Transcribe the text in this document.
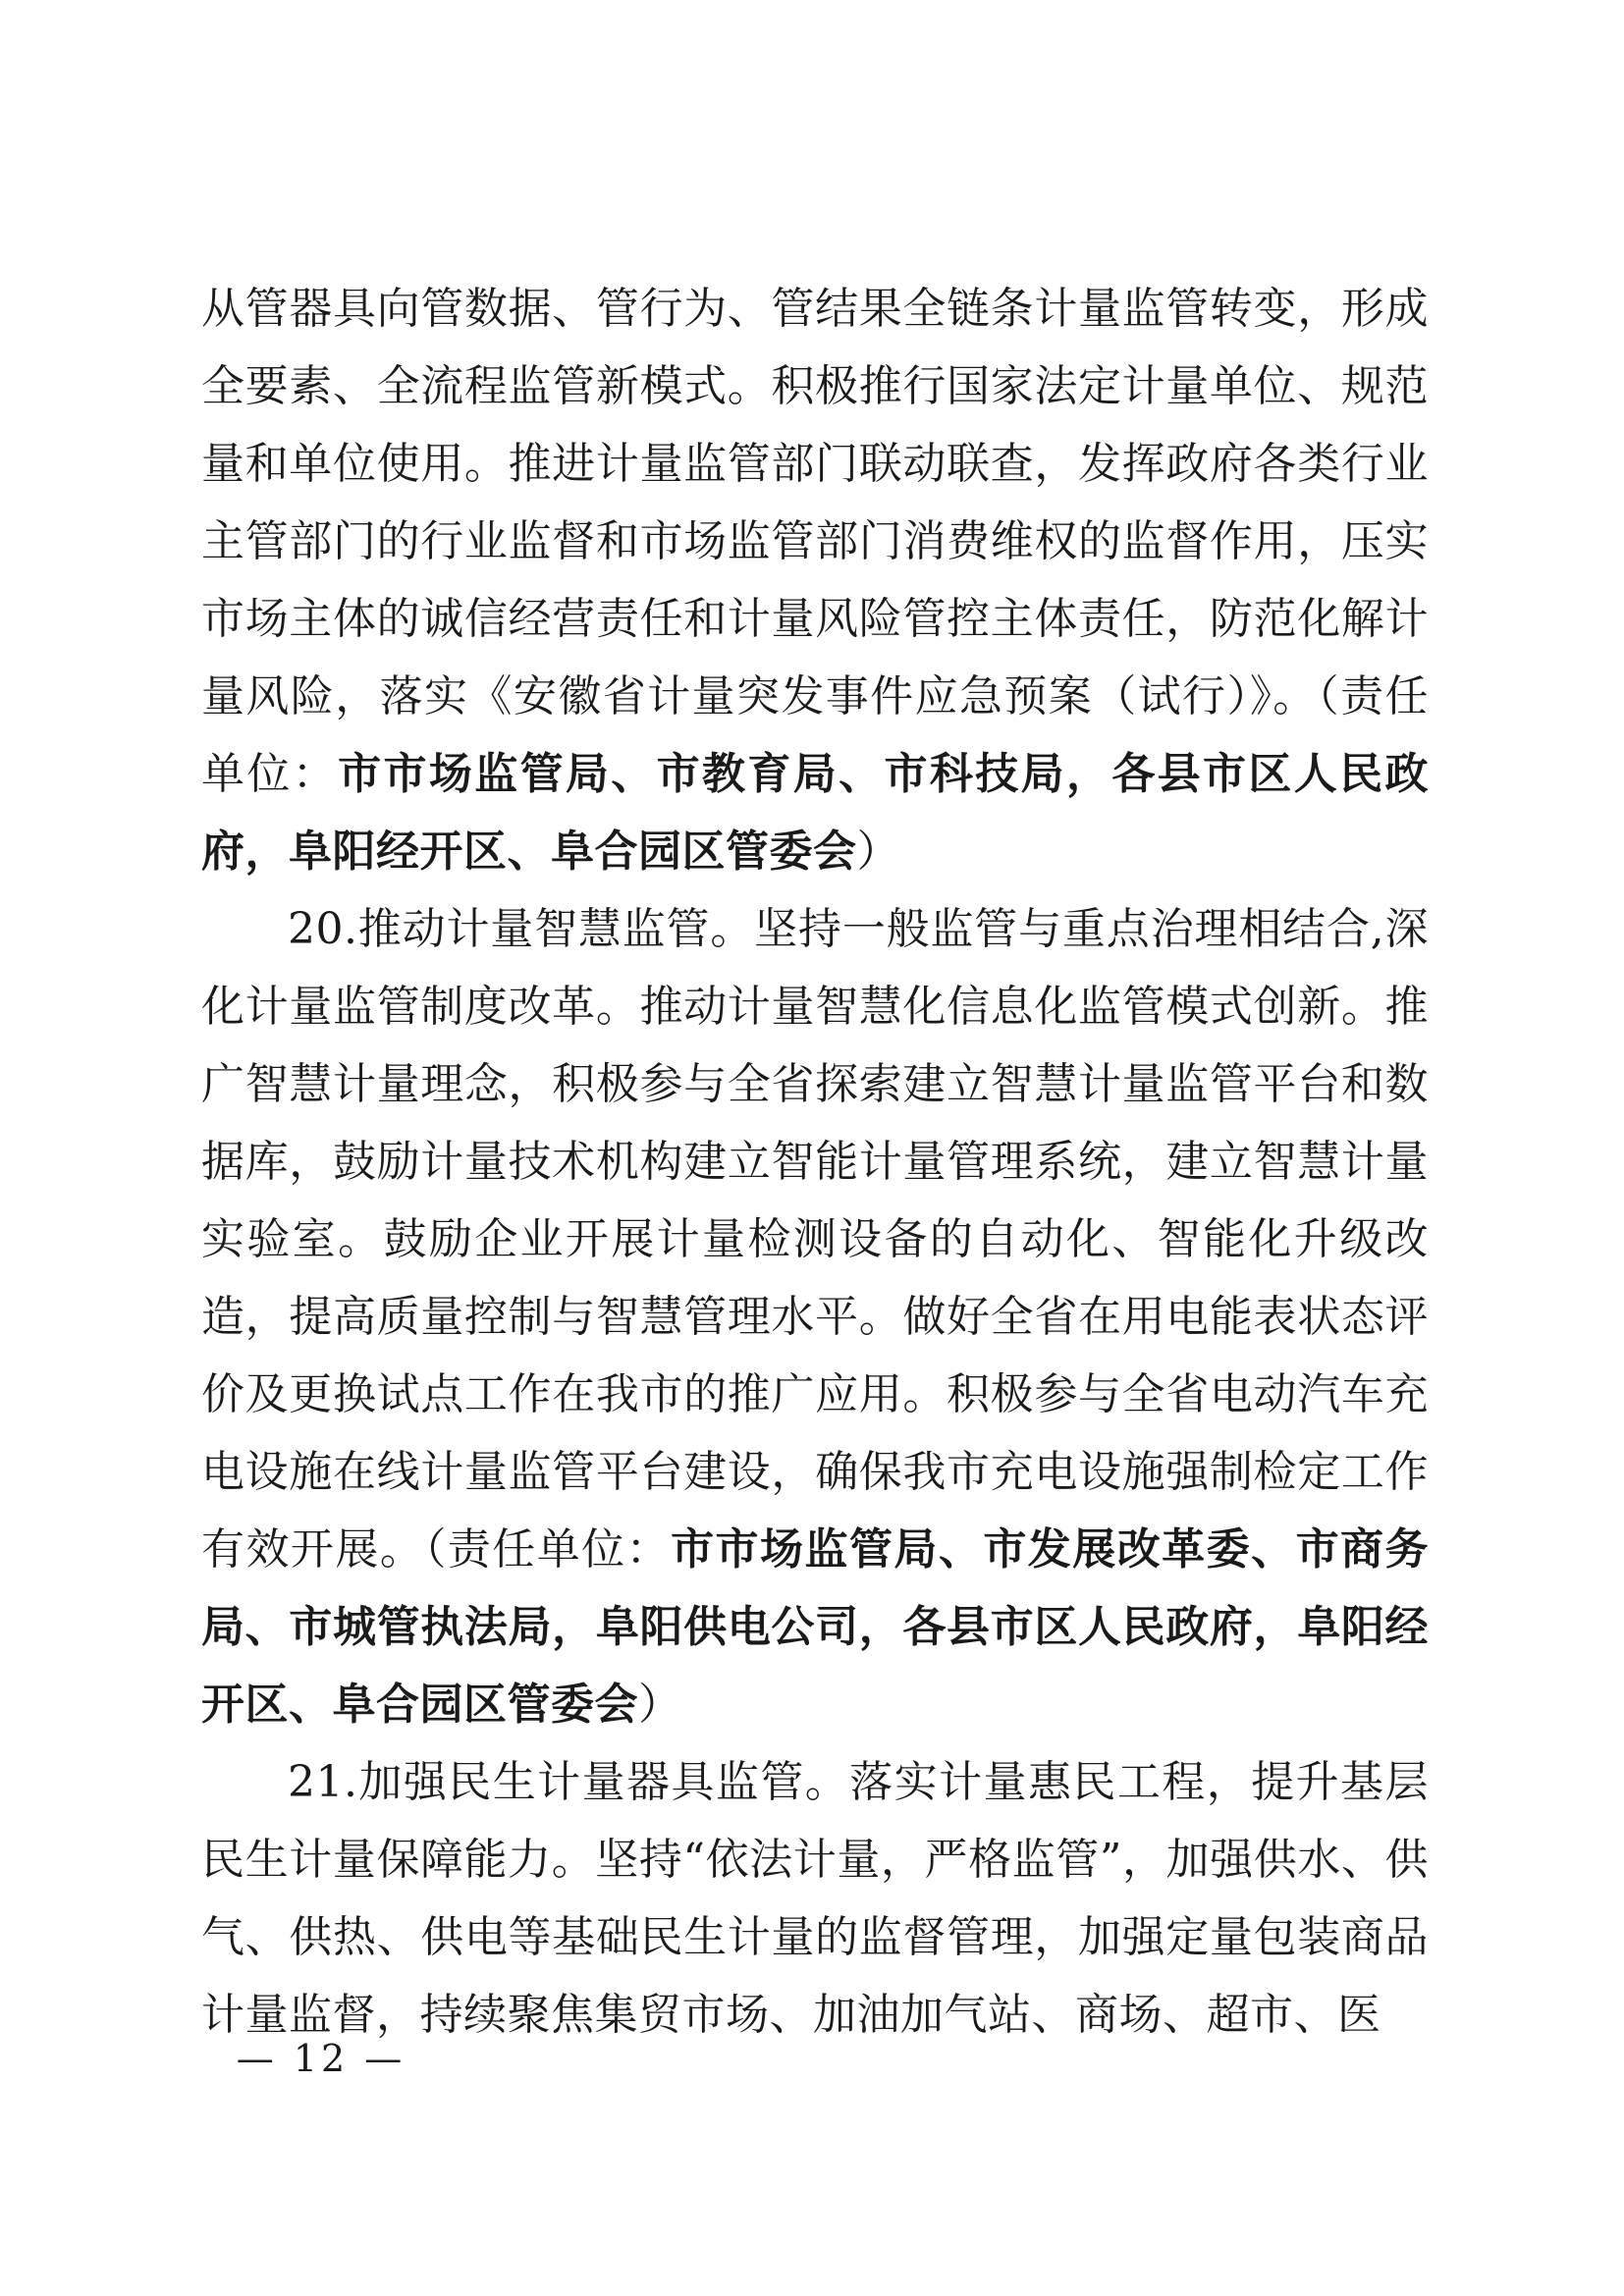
从管器具向管数据、管行为、管结果全链条计量监管转变，形成全要素、全流程监管新模式。积极推行国家法定计量单位、规范量和单位使用。推进计量监管部门联动联查，发挥政府各类行业主管部门的行业监督和市场监管部门消费维权的监督作用，压实市场主体的诚信经营责任和计量风险管控主体责任，防范化解计量风险，落实《安徽省计量突发事件应急预案（试行）》。（责任单位：市市场监管局、市教育局、市科技局，各县市区人民政府，阜阳经开区、阜合园区管委会）

20.推动计量智慧监管。坚持一般监管与重点治理相结合,深化计量监管制度改革。推动计量智慧化信息化监管模式创新。推广智慧计量理念，积极参与全省探索建立智慧计量监管平台和数据库，鼓励计量技术机构建立智能计量管理系统，建立智慧计量实验室。鼓励企业开展计量检测设备的自动化、智能化升级改造，提高质量控制与智慧管理水平。做好全省在用电能表状态评价及更换试点工作在我市的推广应用。积极参与全省电动汽车充电设施在线计量监管平台建设，确保我市充电设施强制检定工作有效开展。（责任单位：市市场监管局、市发展改革委、市商务局、市城管执法局，阜阳供电公司，各县市区人民政府，阜阳经开区、阜合园区管委会）

21.加强民生计量器具监管。落实计量惠民工程，提升基层民生计量保障能力。坚持“依法计量，严格监管”，加强供水、供气、供热、供电等基础民生计量的监督管理，加强定量包装商品计量监督，持续聚焦集贸市场、加油加气站、商场、超市、医

— 12 —
